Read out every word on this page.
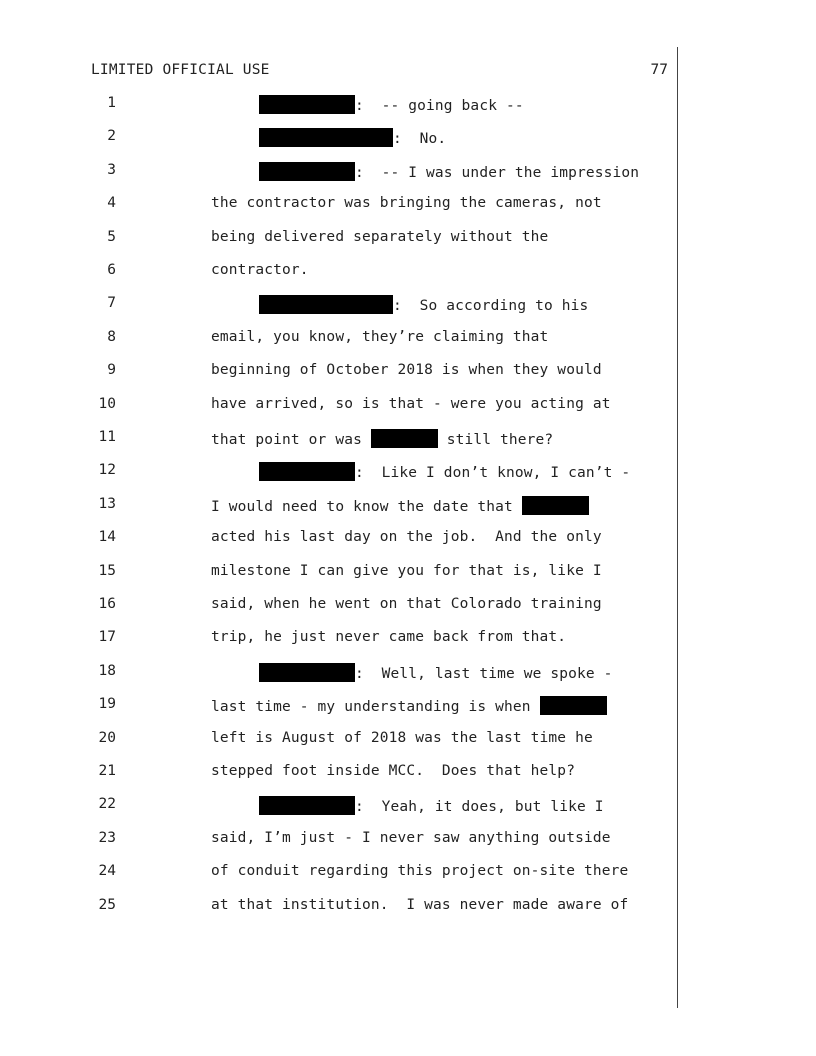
LIMITED OFFICIAL USE	77
1	:  -- going back --
2	:  No.
3	:  -- I was under the impression
4	the contractor was bringing the cameras, not
5	being delivered separately without the
6	contractor.
7	:  So according to his
8	email, you know, they’re claiming that
9	beginning of October 2018 is when they would
10	have arrived, so is that - were you acting at
11	that point or was	still there?
12	:  Like I don’t know, I can’t -
13	I would need to know the date that
14	acted his last day on the job.  And the only
15	milestone I can give you for that is, like I
16	said, when he went on that Colorado training
17	trip, he just never came back from that.
18	:  Well, last time we spoke -
19	last time - my understanding is when
20	left is August of 2018 was the last time he
21	stepped foot inside MCC.  Does that help?
22	:  Yeah, it does, but like I
23	said, I’m just - I never saw anything outside
24	of conduit regarding this project on-site there
25	at that institution.  I was never made aware of
